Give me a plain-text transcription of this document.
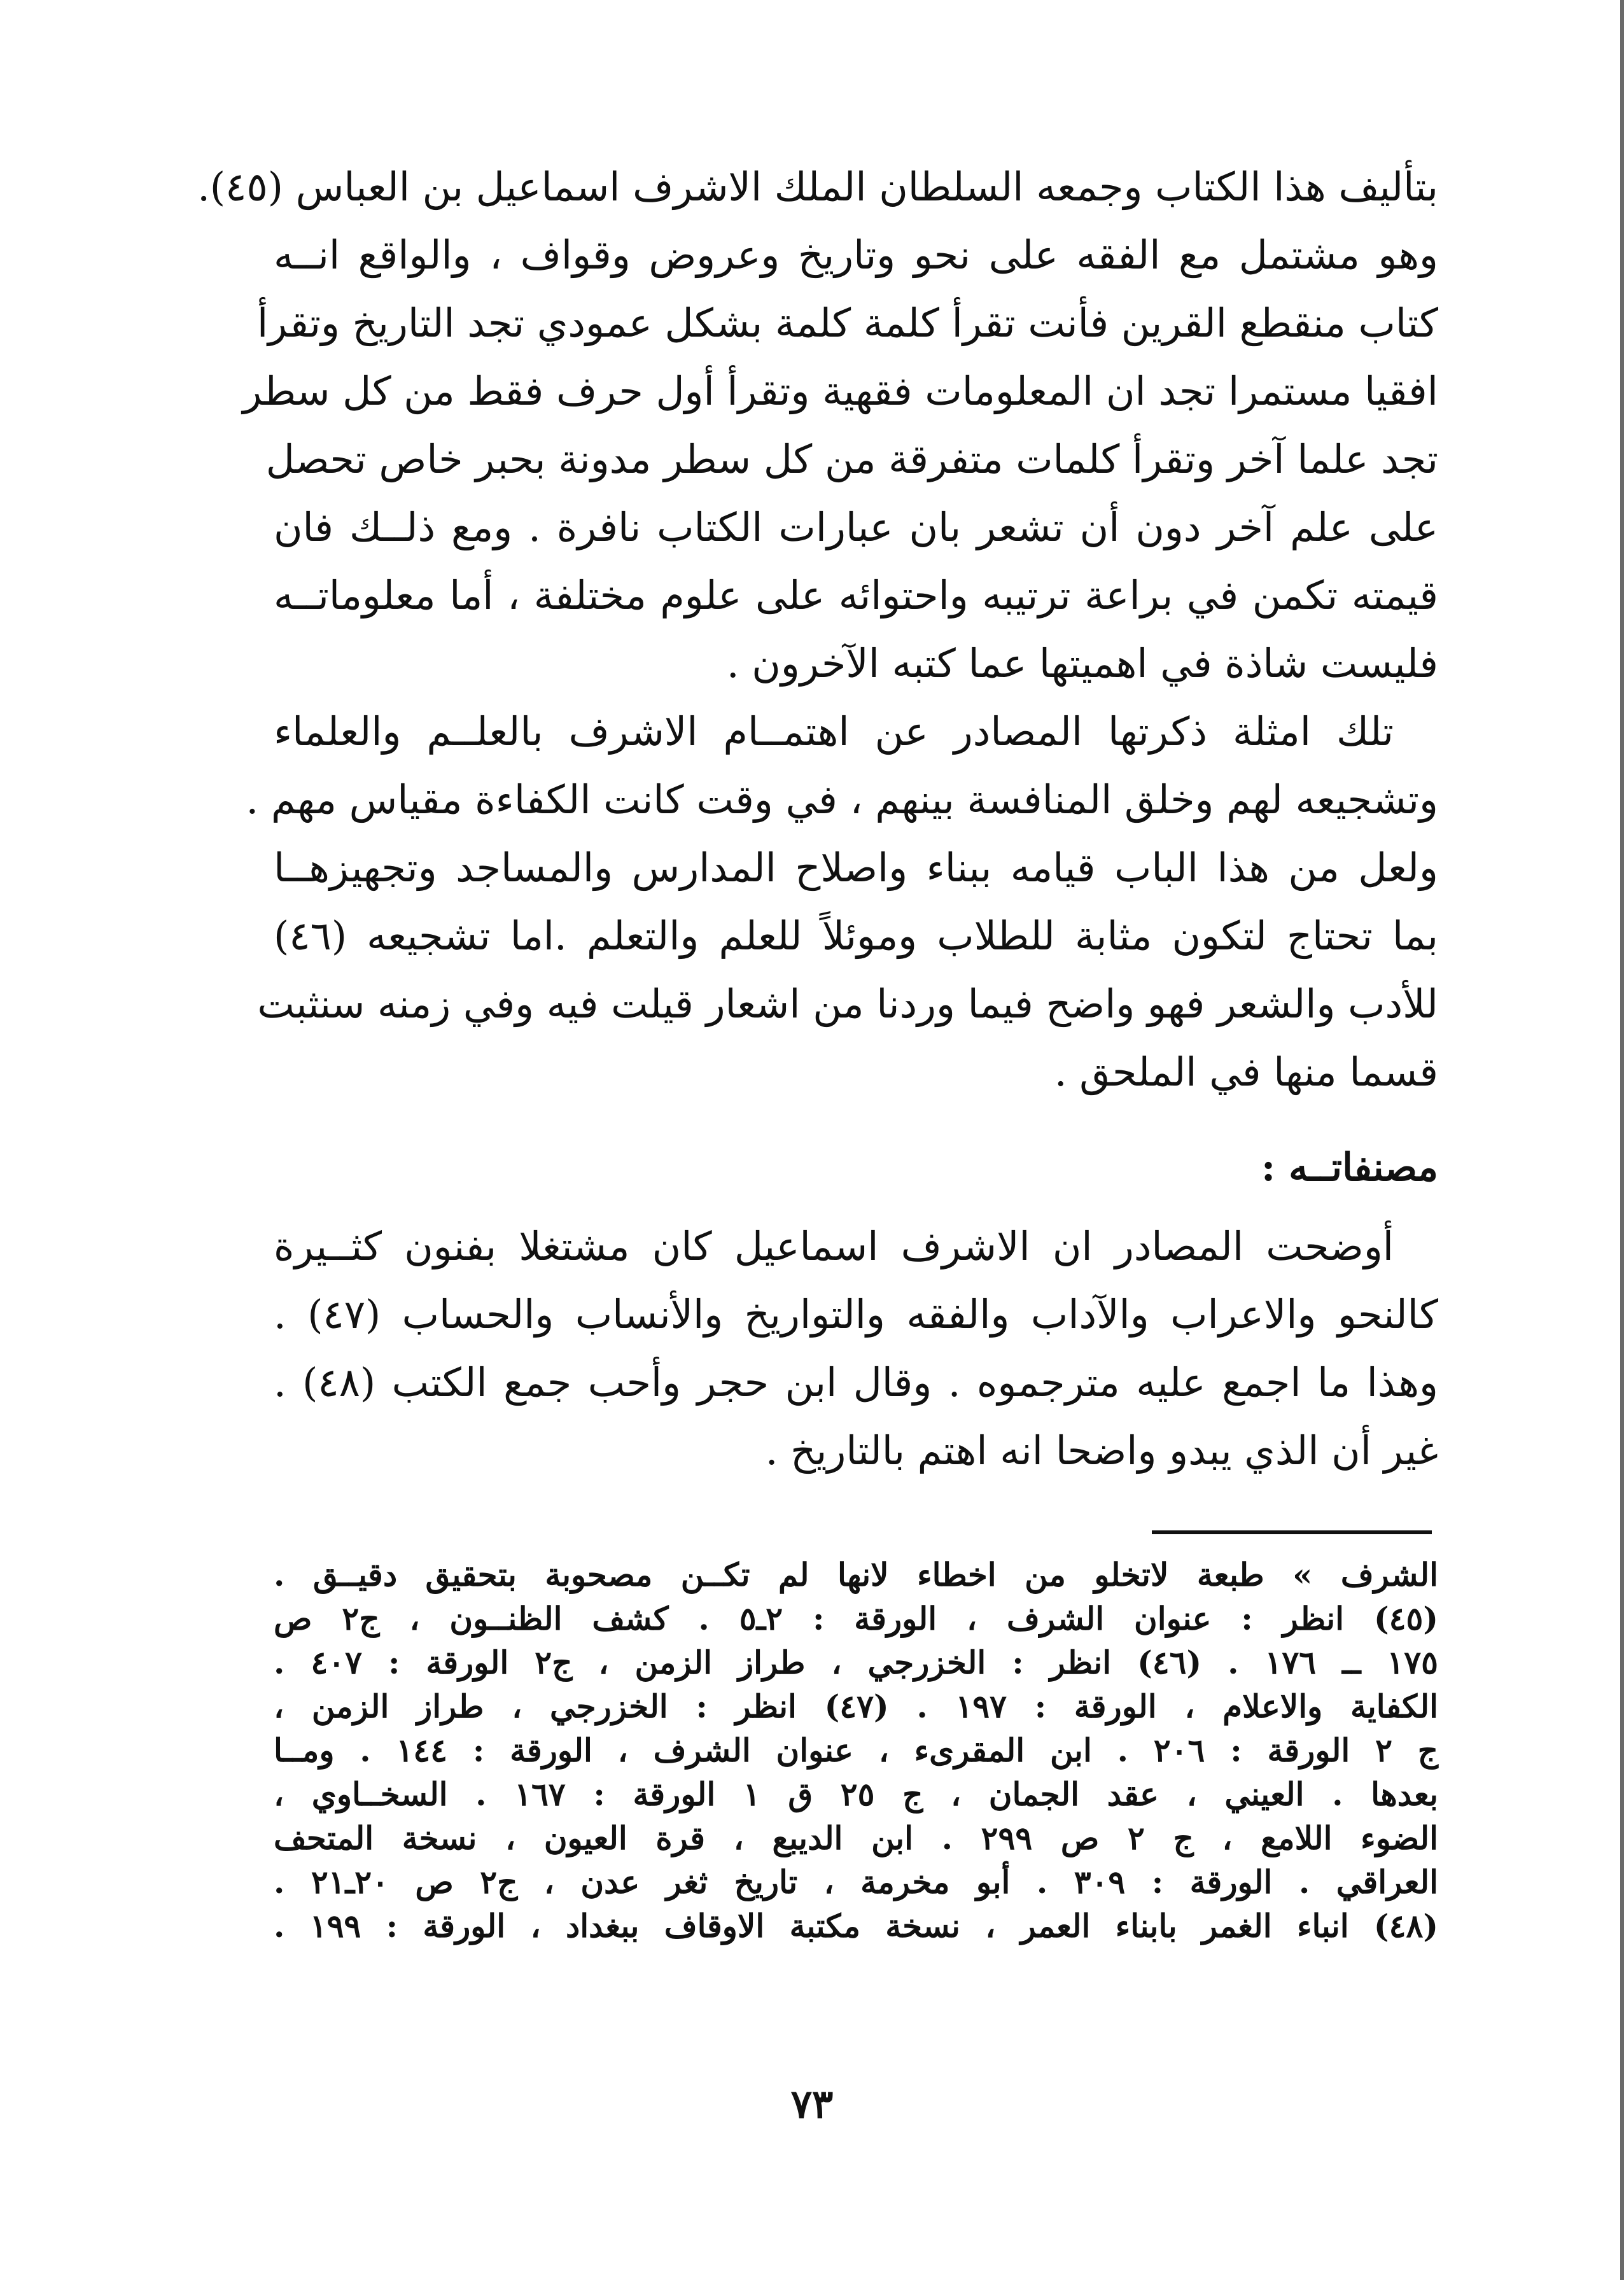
بتأليف هذا الكتاب وجمعه السلطان الملك الاشرف اسماعيل بن العباس (٤٥).
وهو مشتمل مع الفقه على نحو وتاريخ وعروض وقواف ، والواقع انــه
كتاب منقطع القرين فأنت تقرأ كلمة كلمة بشكل عمودي تجد التاريخ وتقرأ
افقيا مستمرا تجد ان المعلومات فقهية وتقرأ أول حرف فقط من كل سطر
تجد علما آخر وتقرأ كلمات متفرقة من كل سطر مدونة بحبر خاص تحصل
على علم آخر دون أن تشعر بان عبارات الكتاب نافرة . ومع ذلــك فان
قيمته تكمن في براعة ترتيبه واحتوائه على علوم مختلفة ، أما معلوماتــه
فليست شاذة في اهميتها عما كتبه الآخرون .
تلك امثلة ذكرتها المصادر عن اهتمــام الاشرف بالعلــم والعلماء
وتشجيعه لهم وخلق المنافسة بينهم ، في وقت كانت الكفاءة مقياس مهم .
ولعل من هذا الباب قيامه ببناء واصلاح المدارس والمساجد وتجهيزهــا
بما تحتاج لتكون مثابة للطلاب وموئلاً للعلم والتعلم .اما تشجيعه (٤٦)
للأدب والشعر فهو واضح فيما وردنا من اشعار قيلت فيه وفي زمنه سنثبت
قسما منها في الملحق .
مصنفاتــه :
أوضحت المصادر ان الاشرف اسماعيل كان مشتغلا بفنون كثــيرة
كالنحو والاعراب والآداب والفقه والتواريخ والأنساب والحساب (٤٧) .
وهذا ما اجمع عليه مترجموه . وقال ابن حجر وأحب جمع الكتب (٤٨) .
غير أن الذي يبدو واضحا انه اهتم بالتاريخ .
الشرف » طبعة لاتخلو من اخطاء لانها لم تكــن مصحوبة بتحقيق دقيــق .
(٤٥) انظر : عنوان الشرف ، الورقة : ٢ـ٥ . كشف الظنــون ، ج٢ ص
١٧٥ ــ ١٧٦ . (٤٦) انظر : الخزرجي ، طراز الزمن ، ج٢ الورقة : ٤٠٧ .
الكفاية والاعلام ، الورقة : ١٩٧ . (٤٧) انظر : الخزرجي ، طراز الزمن ،
ج ٢ الورقة : ٢٠٦ . ابن المقرىء ، عنوان الشرف ، الورقة : ١٤٤ . ومــا
بعدها . العيني ، عقد الجمان ، ج ٢٥ ق ١ الورقة : ١٦٧ . السخــاوي ،
الضوء اللامع ، ج ٢ ص ٢٩٩ . ابن الديبع ، قرة العيون ، نسخة المتحف
العراقي . الورقة : ٣٠٩ . أبو مخرمة ، تاريخ ثغر عدن ، ج٢ ص ٢٠ـ٢١ .
(٤٨) انباء الغمر بابناء العمر ، نسخة مكتبة الاوقاف ببغداد ، الورقة : ١٩٩ .
٧٣
